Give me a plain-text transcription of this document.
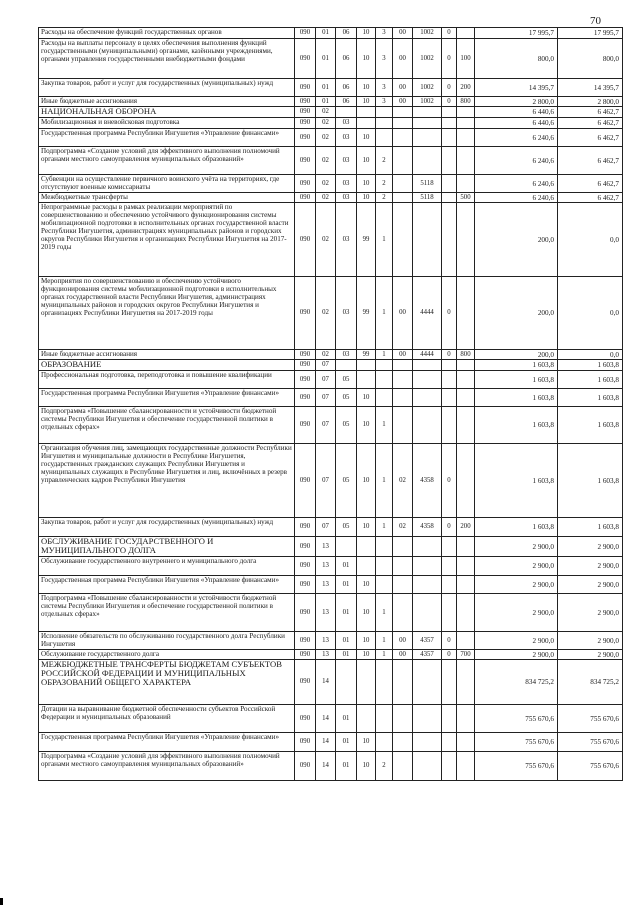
70
Расходы на обеспечение функций государственных органов	090	01	06	10	3	00	1002	0		17 995,7	17 995,7
Расходы на выплаты персоналу в целях обеспечения выполнения функций государственными (муниципальными) органами, казёнными учреждениями, органами управления государственными внебюджетными фондами	090	01	06	10	3	00	1002	0	100	800,0	800,0
Закупка товаров, работ и услуг для государственных (муниципальных) нужд	090	01	06	10	3	00	1002	0	200	14 395,7	14 395,7
Иные бюджетные ассигнования	090	01	06	10	3	00	1002	0	800	2 800,0	2 800,0
НАЦИОНАЛЬНАЯ ОБОРОНА	090	02								6 440,6	6 462,7
Мобилизационная и вневойсковая подготовка	090	02	03							6 440,6	6 462,7
Государственная программа Республики Ингушетия «Управление финансами»	090	02	03	10						6 240,6	6 462,7
Подпрограмма «Создание условий для эффективного выполнения полномочий органами местного самоуправления муниципальных образований»	090	02	03	10	2					6 240,6	6 462,7
Субвенции на осуществление первичного воинского учёта на территориях, где отсутствуют военные комиссариаты	090	02	03	10	2		5118			6 240,6	6 462,7
Межбюджетные трансферты	090	02	03	10	2		5118		500	6 240,6	6 462,7
Непрограммные расходы в рамках реализации мероприятий по совершенствованию и обеспечению устойчивого функционирования системы мобилизационной подготовки в исполнительных органах государственной власти Республики Ингушетия, администрациях муниципальных районов и городских округов Республики Ингушетия и организациях Республики Ингушетия на 2017-2019 годы	090	02	03	99	1					200,0	0,0
Мероприятия по совершенствованию и обеспечению устойчивого функционирования системы мобилизационной подготовки в исполнительных органах государственной власти Республики Ингушетия, администрациях муниципальных районов и городских округов Республики Ингушетия и организациях Республики Ингушетия на 2017-2019 годы	090	02	03	99	1	00	4444	0		200,0	0,0
Иные бюджетные ассигнования	090	02	03	99	1	00	4444	0	800	200,0	0,0
ОБРАЗОВАНИЕ	090	07								1 603,8	1 603,8
Профессиональная подготовка, переподготовка и повышение квалификации	090	07	05							1 603,8	1 603,8
Государственная программа Республики Ингушетия «Управление финансами»	090	07	05	10						1 603,8	1 603,8
Подпрограмма «Повышение сбалансированности и устойчивости бюджетной системы Республики Ингушетия и обеспечение государственной политики в отдельных сферах»	090	07	05	10	1					1 603,8	1 603,8
Организация обучения лиц, замещающих государственные должности Республики Ингушетия и муниципальные должности в Республике Ингушетия, государственных гражданских служащих Республики Ингушетия и муниципальных служащих в Республике Ингушетия и лиц, включённых в резерв управленческих кадров Республики Ингушетия	090	07	05	10	1	02	4358	0		1 603,8	1 603,8
Закупка товаров, работ и услуг для государственных (муниципальных) нужд	090	07	05	10	1	02	4358	0	200	1 603,8	1 603,8
ОБСЛУЖИВАНИЕ ГОСУДАРСТВЕННОГО И МУНИЦИПАЛЬНОГО ДОЛГА	090	13								2 900,0	2 900,0
Обслуживание государственного внутреннего и муниципального долга	090	13	01							2 900,0	2 900,0
Государственная программа Республики Ингушетия «Управление финансами»	090	13	01	10						2 900,0	2 900,0
Подпрограмма «Повышение сбалансированности и устойчивости бюджетной системы Республики Ингушетия и обеспечение государственной политики в отдельных сферах»	090	13	01	10	1					2 900,0	2 900,0
Исполнение обязательств по обслуживанию государственного долга Республики Ингушетия	090	13	01	10	1	00	4357	0		2 900,0	2 900,0
Обслуживание государственного долга	090	13	01	10	1	00	4357	0	700	2 900,0	2 900,0
МЕЖБЮДЖЕТНЫЕ ТРАНСФЕРТЫ БЮДЖЕТАМ СУБЪЕКТОВ РОССИЙСКОЙ ФЕДЕРАЦИИ И МУНИЦИПАЛЬНЫХ ОБРАЗОВАНИЙ ОБЩЕГО ХАРАКТЕРА	090	14								834 725,2	834 725,2
Дотации на выравнивание бюджетной обеспеченности субъектов Российской Федерации и муниципальных образований	090	14	01							755 670,6	755 670,6
Государственная программа Республики Ингушетия «Управление финансами»	090	14	01	10						755 670,6	755 670,6
Подпрограмма «Создание условий для эффективного выполнения полномочий органами местного самоуправления муниципальных образований»	090	14	01	10	2					755 670,6	755 670,6
